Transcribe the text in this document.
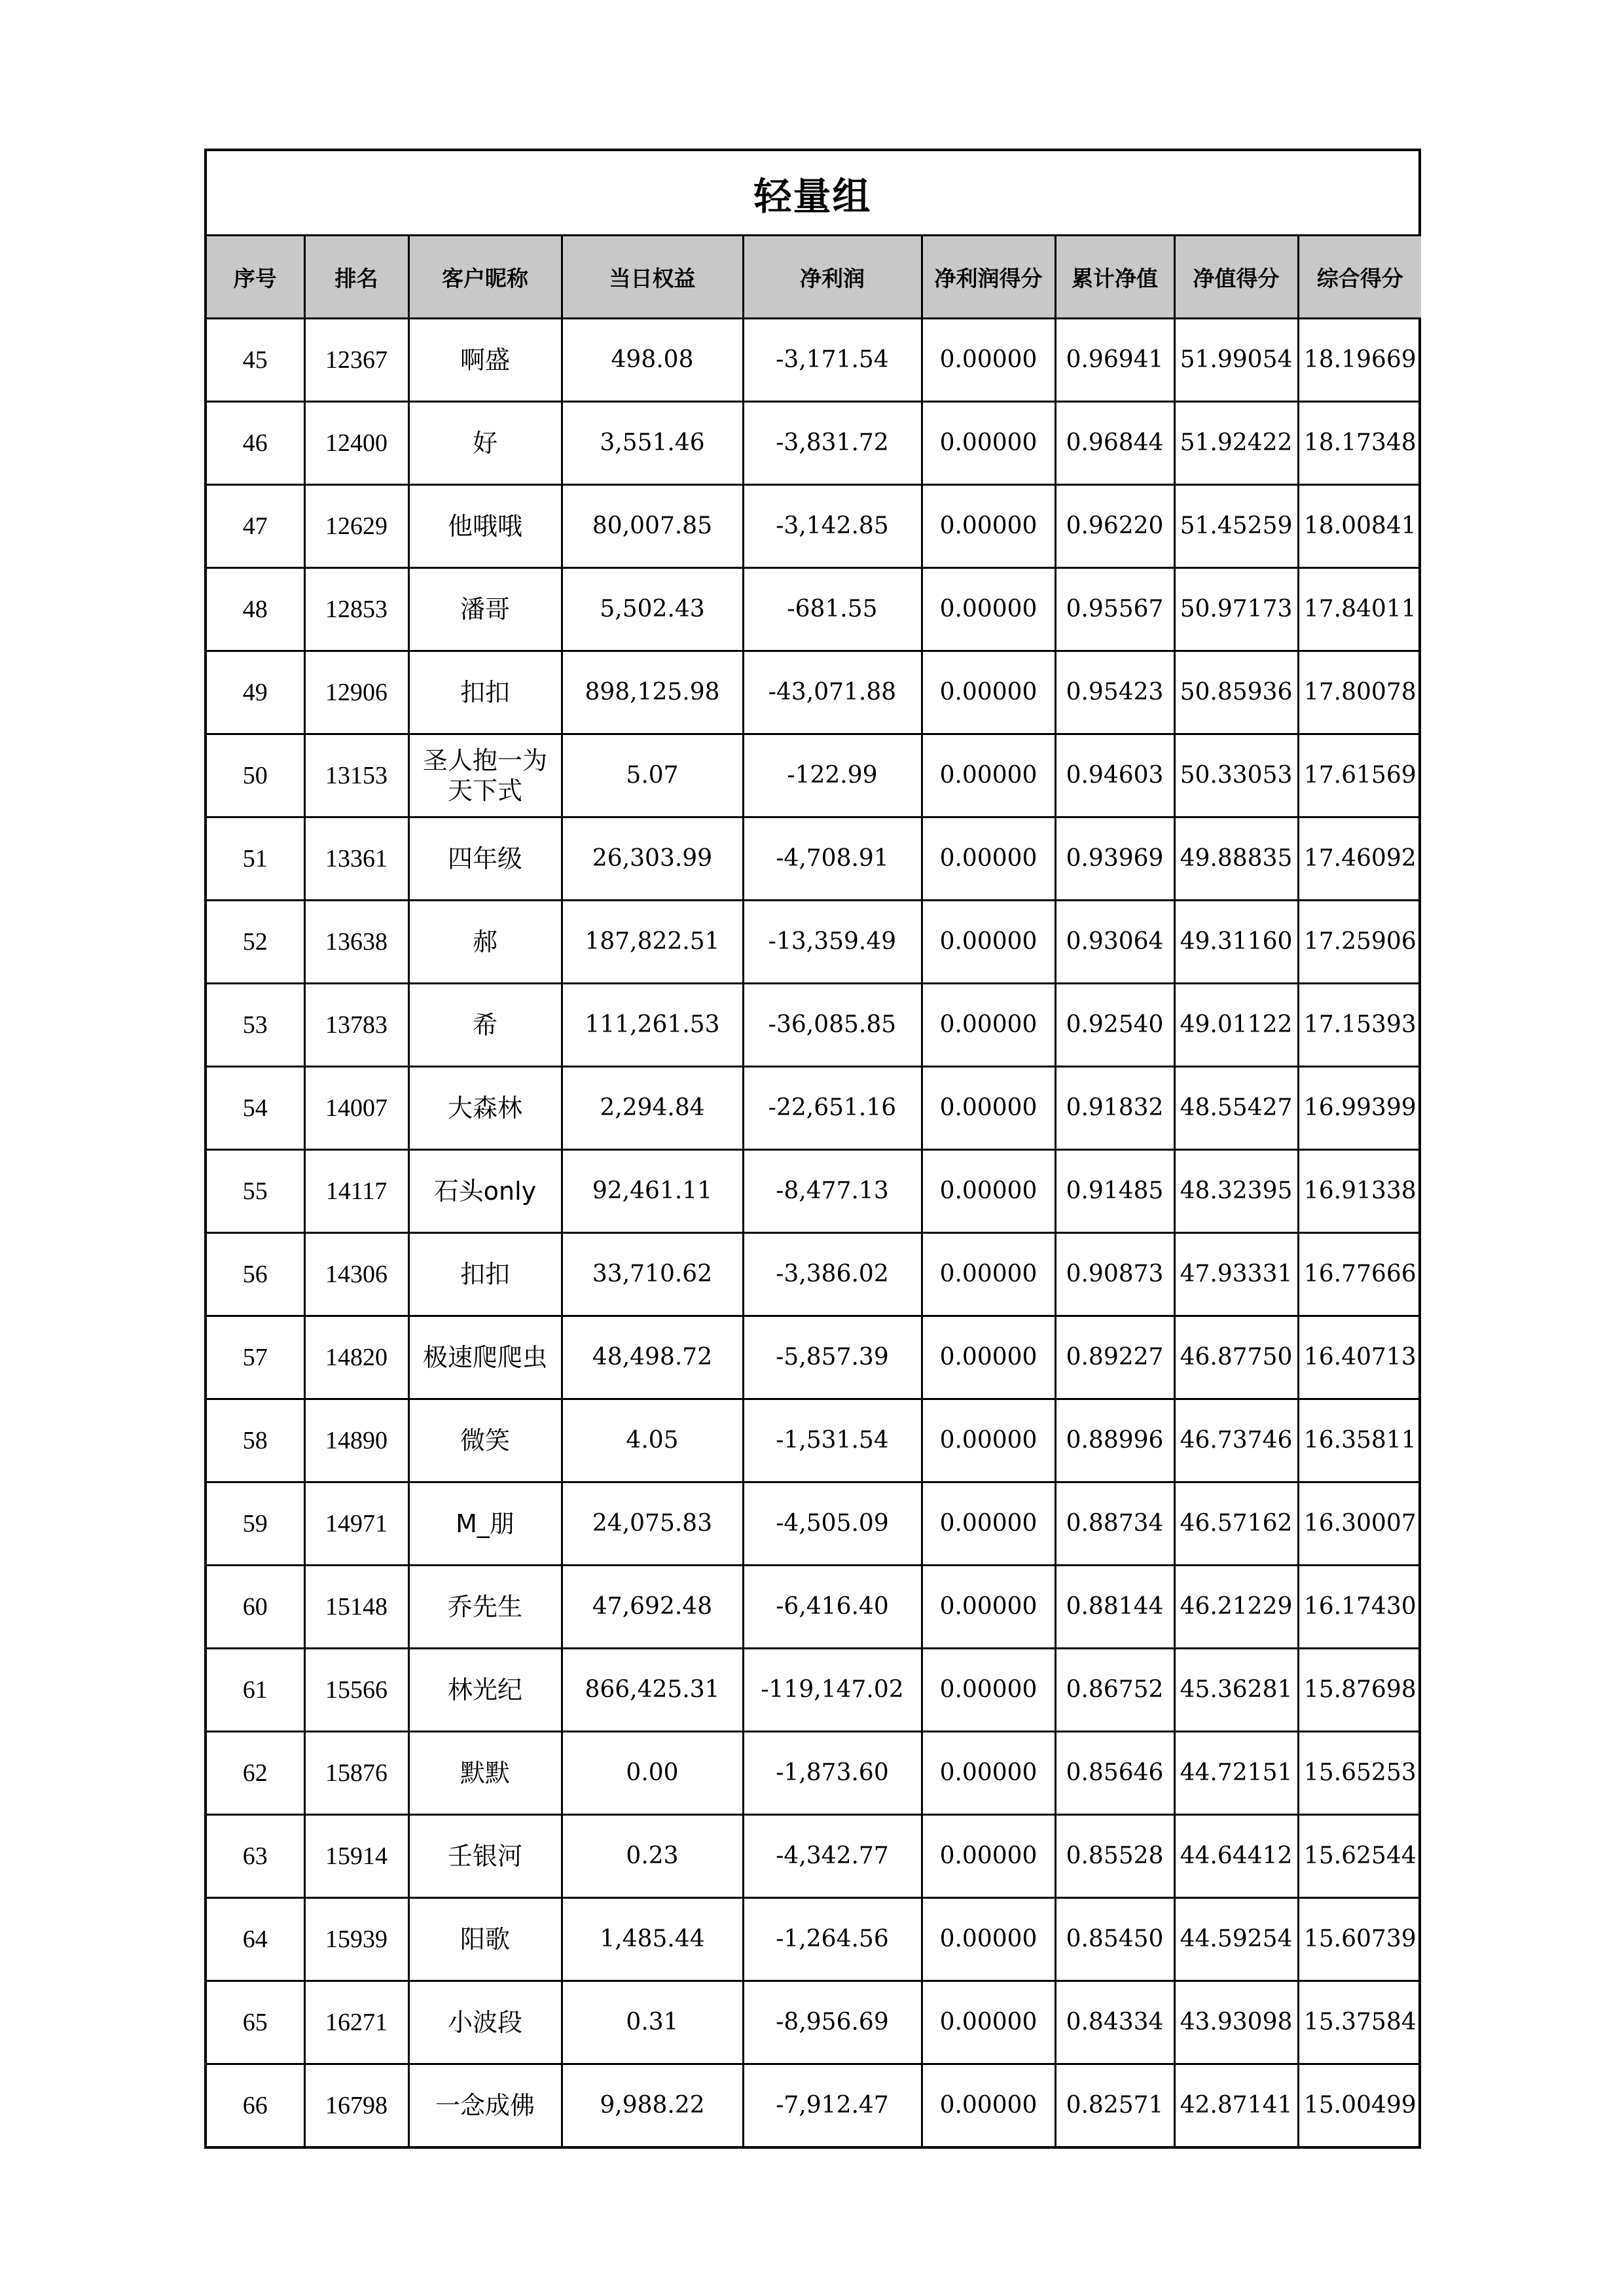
轻量组
序号	排名	客户昵称	当日权益	净利润	净利润得分	累计净值	净值得分	综合得分
45	12367	啊盛	498.08	-3,171.54	0.00000	0.96941	51.99054	18.19669
46	12400	好	3,551.46	-3,831.72	0.00000	0.96844	51.92422	18.17348
47	12629	他哦哦	80,007.85	-3,142.85	0.00000	0.96220	51.45259	18.00841
48	12853	潘哥	5,502.43	-681.55	0.00000	0.95567	50.97173	17.84011
49	12906	扣扣	898,125.98	-43,071.88	0.00000	0.95423	50.85936	17.80078
50	13153	圣人抱一为天下式	5.07	-122.99	0.00000	0.94603	50.33053	17.61569
51	13361	四年级	26,303.99	-4,708.91	0.00000	0.93969	49.88835	17.46092
52	13638	郝	187,822.51	-13,359.49	0.00000	0.93064	49.31160	17.25906
53	13783	希	111,261.53	-36,085.85	0.00000	0.92540	49.01122	17.15393
54	14007	大森林	2,294.84	-22,651.16	0.00000	0.91832	48.55427	16.99399
55	14117	石头only	92,461.11	-8,477.13	0.00000	0.91485	48.32395	16.91338
56	14306	扣扣	33,710.62	-3,386.02	0.00000	0.90873	47.93331	16.77666
57	14820	极速爬爬虫	48,498.72	-5,857.39	0.00000	0.89227	46.87750	16.40713
58	14890	微笑	4.05	-1,531.54	0.00000	0.88996	46.73746	16.35811
59	14971	M_朋	24,075.83	-4,505.09	0.00000	0.88734	46.57162	16.30007
60	15148	乔先生	47,692.48	-6,416.40	0.00000	0.88144	46.21229	16.17430
61	15566	林光纪	866,425.31	-119,147.02	0.00000	0.86752	45.36281	15.87698
62	15876	默默	0.00	-1,873.60	0.00000	0.85646	44.72151	15.65253
63	15914	壬银河	0.23	-4,342.77	0.00000	0.85528	44.64412	15.62544
64	15939	阳歌	1,485.44	-1,264.56	0.00000	0.85450	44.59254	15.60739
65	16271	小波段	0.31	-8,956.69	0.00000	0.84334	43.93098	15.37584
66	16798	一念成佛	9,988.22	-7,912.47	0.00000	0.82571	42.87141	15.00499
